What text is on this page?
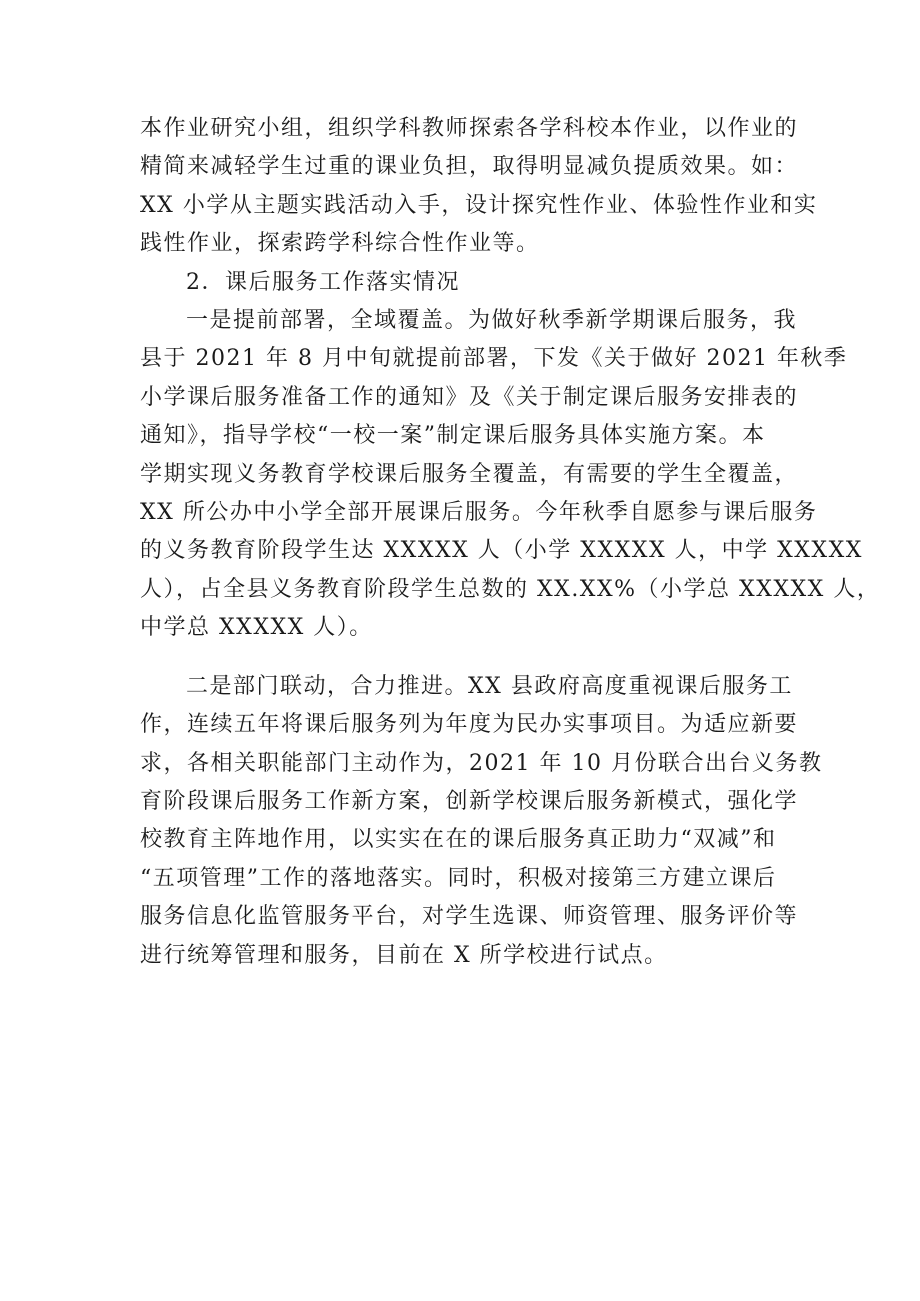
本作业研究小组，组织学科教师探索各学科校本作业，以作业的
精简来减轻学生过重的课业负担，取得明显减负提质效果。如：
XX 小学从主题实践活动入手，设计探究性作业、体验性作业和实
践性作业，探索跨学科综合性作业等。

2．课后服务工作落实情况

一是提前部署，全域覆盖。为做好秋季新学期课后服务，我
县于 2021 年 8 月中旬就提前部署，下发《关于做好 2021 年秋季
小学课后服务准备工作的通知》及《关于制定课后服务安排表的
通知》，指导学校“一校一案”制定课后服务具体实施方案。本
学期实现义务教育学校课后服务全覆盖，有需要的学生全覆盖，
XX 所公办中小学全部开展课后服务。今年秋季自愿参与课后服务
的义务教育阶段学生达 XXXXX 人（小学 XXXXX 人，中学 XXXXX
人），占全县义务教育阶段学生总数的 XX.XX%（小学总 XXXXX 人，
中学总 XXXXX 人）。

二是部门联动，合力推进。XX 县政府高度重视课后服务工
作，连续五年将课后服务列为年度为民办实事项目。为适应新要
求，各相关职能部门主动作为，2021 年 10 月份联合出台义务教
育阶段课后服务工作新方案，创新学校课后服务新模式，强化学
校教育主阵地作用，以实实在在的课后服务真正助力“双减”和
“五项管理”工作的落地落实。同时，积极对接第三方建立课后
服务信息化监管服务平台，对学生选课、师资管理、服务评价等
进行统筹管理和服务，目前在 X 所学校进行试点。
